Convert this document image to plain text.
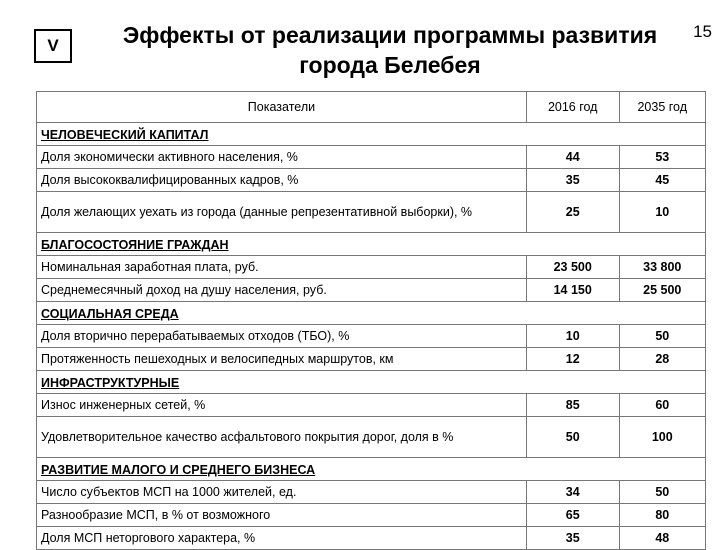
V	Эффекты от реализации программы развития города Белебея
15
Показатели	2016 год	2035 год
ЧЕЛОВЕЧЕСКИЙ КАПИТАЛ		
Доля экономически активного населения, %	44	53
Доля высококвалифицированных кадров, %	35	45
Доля желающих уехать из города (данные репрезентативной выборки), %	25	10
БЛАГОСОСТОЯНИЕ ГРАЖДАН		
Номинальная заработная плата, руб.	23 500	33 800
Среднемесячный доход на душу населения, руб.	14 150	25 500
СОЦИАЛЬНАЯ СРЕДА		
Доля вторично перерабатываемых отходов (ТБО), %	10	50
Протяженность пешеходных и велосипедных маршрутов, км	12	28
ИНФРАСТРУКТУРНЫЕ		
Износ инженерных сетей, %	85	60
Удовлетворительное качество асфальтового покрытия дорог, доля в %	50	100
РАЗВИТИЕ МАЛОГО И СРЕДНЕГО БИЗНЕСА		
Число субъектов МСП на 1000 жителей, ед.	34	50
Разнообразие МСП, в % от возможного	65	80
Доля МСП неторгового характера, %	35	48
